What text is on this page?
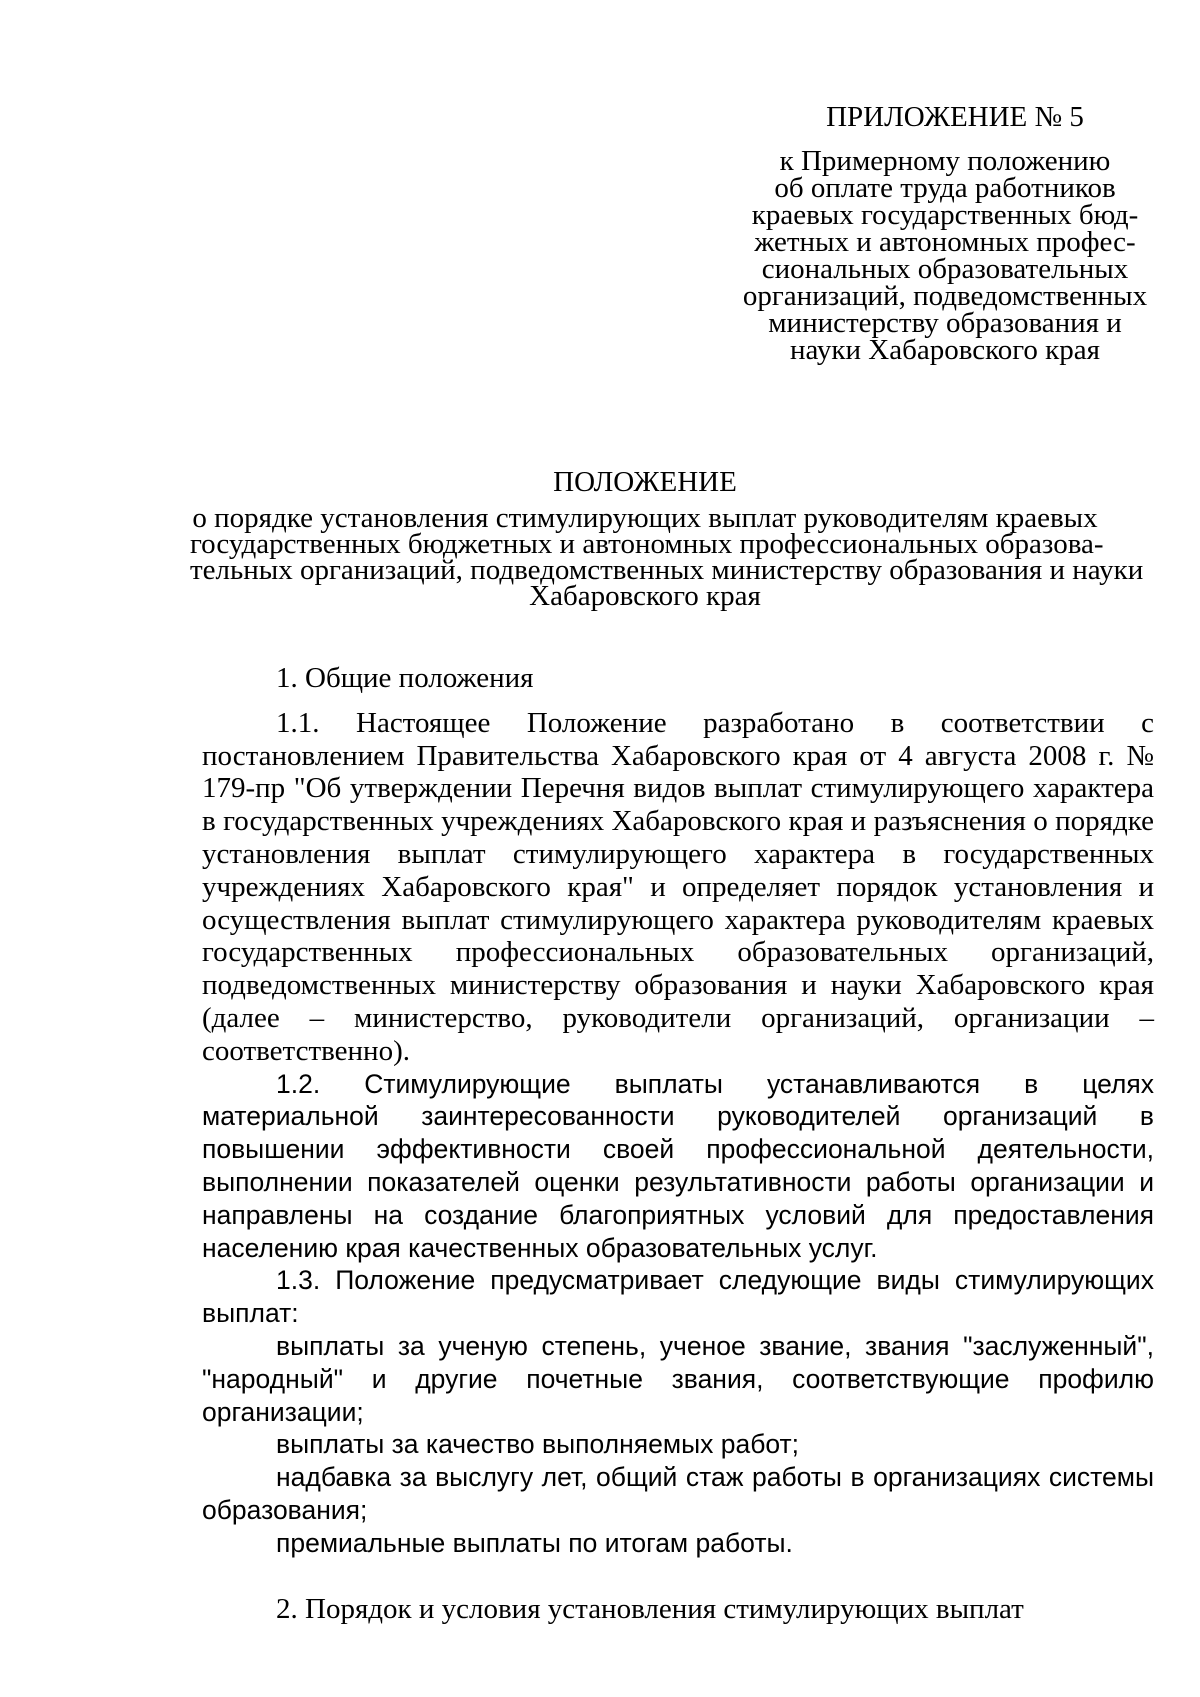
ПРИЛОЖЕНИЕ № 5
к Примерному положению
об оплате труда работников
краевых государственных бюд-
жетных и автономных профес-
сиональных образовательных
организаций, подведомственных
министерству образования и
науки Хабаровского края
ПОЛОЖЕНИЕ
о порядке установления стимулирующих выплат руководителям краевых
государственных бюджетных и автономных профессиональных образова-
тельных организаций, подведомственных министерству образования и науки
Хабаровского края

1. Общие положения

1.1. Настоящее Положение разработано в соответствии с постановлением Правительства Хабаровского края от 4 августа 2008 г. № 179-пр "Об утверждении Перечня видов выплат стимулирующего характера в государственных учреждениях Хабаровского края и разъяснения о порядке установления выплат стимулирующего характера в государственных учреждениях Хабаровского края" и определяет порядок установления и осуществления выплат стимулирующего характера руководителям краевых государственных профессиональных образовательных организаций, подведомственных министерству образования и науки Хабаровского края (далее – министерство, руководители организаций, организации – соответственно).

1.2. Стимулирующие выплаты устанавливаются в целях материальной заинтересованности руководителей организаций в повышении эффективности своей профессиональной деятельности, выполнении показателей оценки результативности работы организации и направлены на создание благоприятных условий для предоставления населению края качественных образовательных услуг.

1.3. Положение предусматривает следующие виды стимулирующих выплат:

выплаты за ученую степень, ученое звание, звания "заслуженный", "народный" и другие почетные звания, соответствующие профилю организации;

выплаты за качество выполняемых работ;

надбавка за выслугу лет, общий стаж работы в организациях системы образования;

премиальные выплаты по итогам работы.

2. Порядок и условия установления стимулирующих выплат
